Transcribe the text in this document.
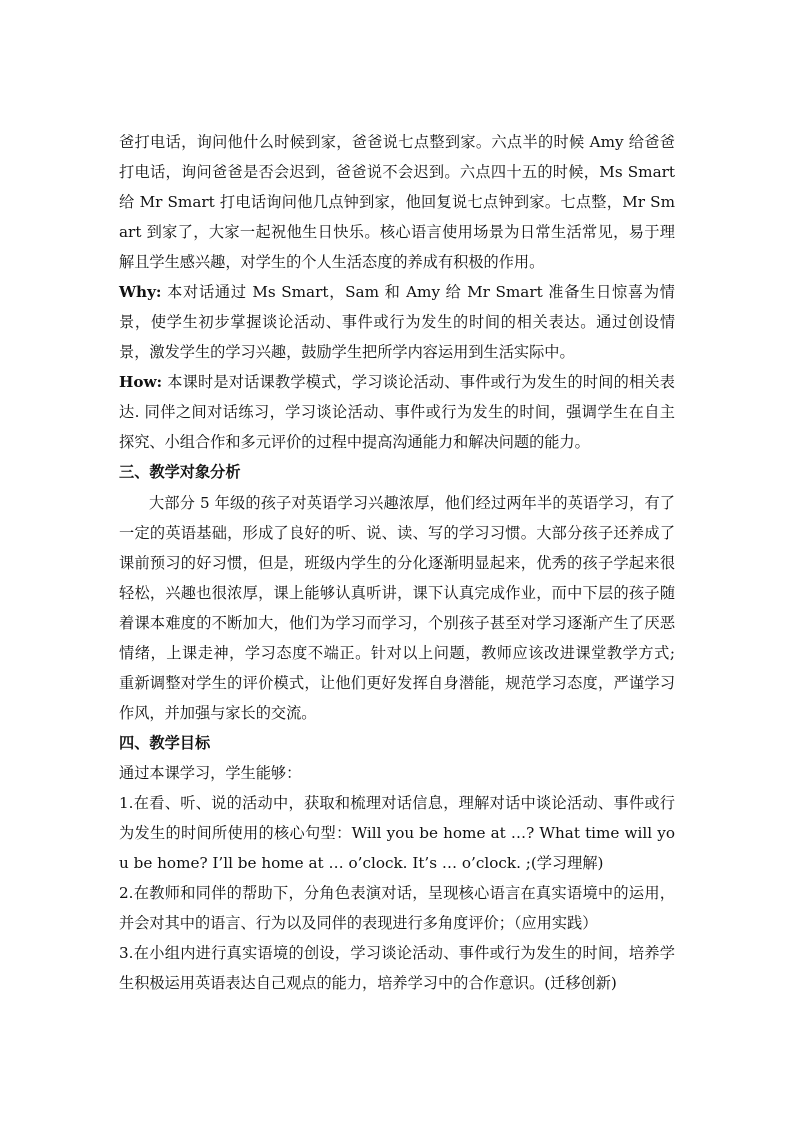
爸打电话，询问他什么时候到家，爸爸说七点整到家。六点半的时候 Amy 给爸爸打电话，询问爸爸是否会迟到，爸爸说不会迟到。六点四十五的时候，Ms Smart 给 Mr Smart 打电话询问他几点钟到家，他回复说七点钟到家。七点整，Mr Smart 到家了，大家一起祝他生日快乐。核心语言使用场景为日常生活常见，易于理解且学生感兴趣，对学生的个人生活态度的养成有积极的作用。

Why: 本对话通过 Ms Smart，Sam 和 Amy 给 Mr Smart 准备生日惊喜为情景，使学生初步掌握谈论活动、事件或行为发生的时间的相关表达。通过创设情景，激发学生的学习兴趣，鼓励学生把所学内容运用到生活实际中。

How: 本课时是对话课教学模式，学习谈论活动、事件或行为发生的时间的相关表达. 同伴之间对话练习，学习谈论活动、事件或行为发生的时间，强调学生在自主探究、小组合作和多元评价的过程中提高沟通能力和解决问题的能力。

三、教学对象分析

大部分 5 年级的孩子对英语学习兴趣浓厚，他们经过两年半的英语学习，有了一定的英语基础，形成了良好的听、说、读、写的学习习惯。大部分孩子还养成了课前预习的好习惯，但是，班级内学生的分化逐渐明显起来，优秀的孩子学起来很轻松，兴趣也很浓厚，课上能够认真听讲，课下认真完成作业，而中下层的孩子随着课本难度的不断加大，他们为学习而学习，个别孩子甚至对学习逐渐产生了厌恶情绪，上课走神，学习态度不端正。针对以上问题，教师应该改进课堂教学方式; 重新调整对学生的评价模式，让他们更好发挥自身潜能，规范学习态度，严谨学习作风，并加强与家长的交流。

四、教学目标

通过本课学习，学生能够：

1.在看、听、说的活动中，获取和梳理对话信息，理解对话中谈论活动、事件或行为发生的时间所使用的核心句型：Will you be home at …? What time will you be home? I’ll be home at … o’clock. It’s … o’clock. ;(学习理解)

2.在教师和同伴的帮助下，分角色表演对话，呈现核心语言在真实语境中的运用，并会对其中的语言、行为以及同伴的表现进行多角度评价；（应用实践）

3.在小组内进行真实语境的创设，学习谈论活动、事件或行为发生的时间，培养学生积极运用英语表达自己观点的能力，培养学习中的合作意识。(迁移创新)
